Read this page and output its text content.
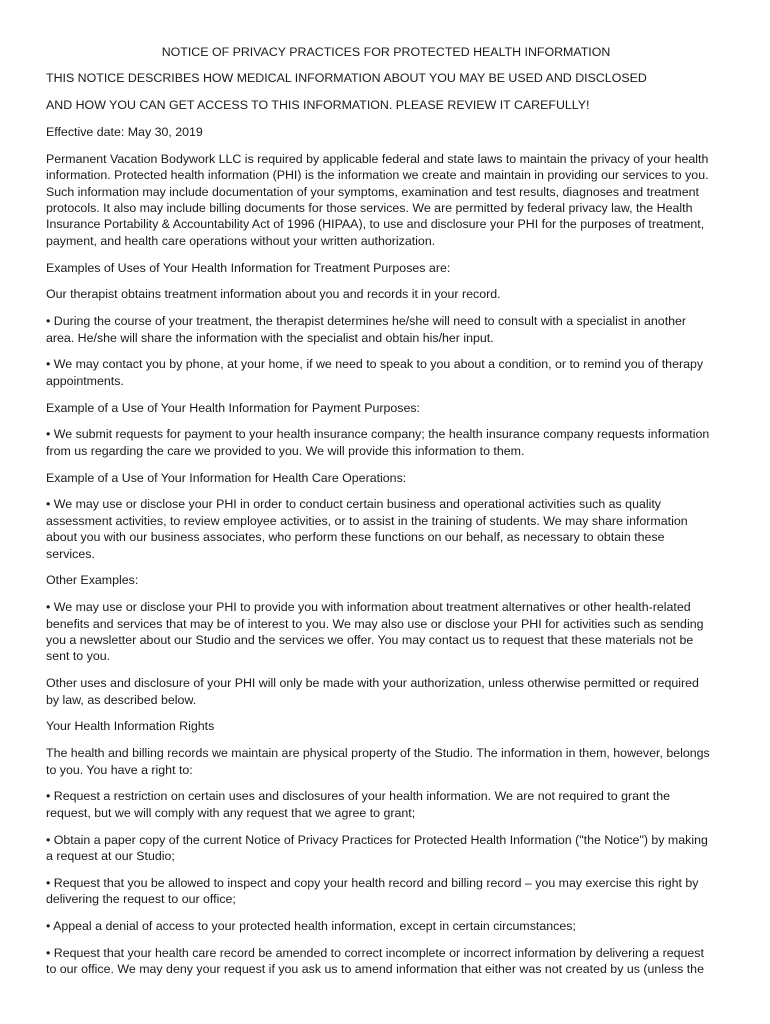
NOTICE OF PRIVACY PRACTICES FOR PROTECTED HEALTH INFORMATION

THIS NOTICE DESCRIBES HOW MEDICAL INFORMATION ABOUT YOU MAY BE USED AND DISCLOSED

AND HOW YOU CAN GET ACCESS TO THIS INFORMATION. PLEASE REVIEW IT CAREFULLY!

Effective date: May 30, 2019

Permanent Vacation Bodywork LLC is required by applicable federal and state laws to maintain the privacy of your health

information. Protected health information (PHI) is the information we create and maintain in providing our services to you.

Such information may include documentation of your symptoms, examination and test results, diagnoses and treatment

protocols. It also may include billing documents for those services. We are permitted by federal privacy law, the Health

Insurance Portability & Accountability Act of 1996 (HIPAA), to use and disclosure your PHI for the purposes of treatment,

payment, and health care operations without your written authorization.

Examples of Uses of Your Health Information for Treatment Purposes are:

Our therapist obtains treatment information about you and records it in your record.

• During the course of your treatment, the therapist determines he/she will need to consult with a specialist in another

area. He/she will share the information with the specialist and obtain his/her input.

• We may contact you by phone, at your home, if we need to speak to you about a condition, or to remind you of therapy

appointments.

Example of a Use of Your Health Information for Payment Purposes:

• We submit requests for payment to your health insurance company; the health insurance company requests information

from us regarding the care we provided to you. We will provide this information to them.

Example of a Use of Your Information for Health Care Operations:

• We may use or disclose your PHI in order to conduct certain business and operational activities such as quality

assessment activities, to review employee activities, or to assist in the training of students. We may share information

about you with our business associates, who perform these functions on our behalf, as necessary to obtain these

services.

Other Examples:

• We may use or disclose your PHI to provide you with information about treatment alternatives or other health-related

benefits and services that may be of interest to you. We may also use or disclose your PHI for activities such as sending

you a newsletter about our Studio and the services we offer. You may contact us to request that these materials not be

sent to you.

Other uses and disclosure of your PHI will only be made with your authorization, unless otherwise permitted or required

by law, as described below.

Your Health Information Rights

The health and billing records we maintain are physical property of the Studio. The information in them, however, belongs

to you. You have a right to:

• Request a restriction on certain uses and disclosures of your health information. We are not required to grant the

request, but we will comply with any request that we agree to grant;

• Obtain a paper copy of the current Notice of Privacy Practices for Protected Health Information ("the Notice") by making

a request at our Studio;

• Request that you be allowed to inspect and copy your health record and billing record – you may exercise this right by

delivering the request to our office;

• Appeal a denial of access to your protected health information, except in certain circumstances;

• Request that your health care record be amended to correct incomplete or incorrect information by delivering a request

to our office. We may deny your request if you ask us to amend information that either was not created by us (unless the
